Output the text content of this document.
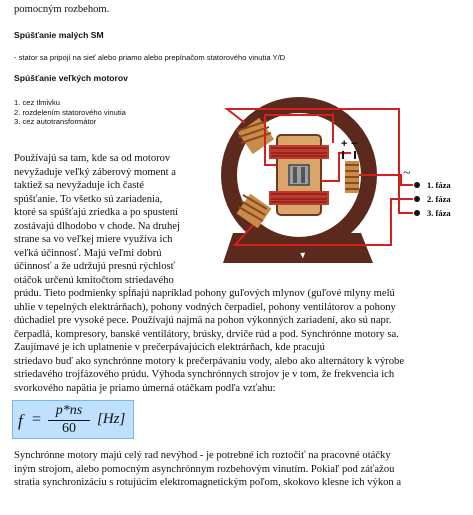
pomocným rozbehom.
Spúšťanie malých SM
- stator sa pripojí na sieť alebo priamo alebo prepínačom statorového vinutia Y/D
Spúšťanie veľkých motorov
1. cez tlmivku
2. rozdelením statorového vinutia
3. cez autotransformátor
Používajú sa tam, kde sa od motorov
nevyžaduje veľký záberový moment a
taktiež sa nevyžaduje ich časté
spúšťanie. To všetko sú zariadenia,
ktoré sa spúšťajú zriedka a po spustení
zostávajú dlhodobo v chode. Na druhej
strane sa vo veľkej miere využíva ich
veľká účinnosť. Majú veľmi dobrú
účinnosť a že udržujú presnú rýchlosť
otáčok určenú kmitočtom striedavého
prúdu. Tieto podmienky spĺňajú napríklad pohony guľových mlynov (guľové mlyny melú
uhlie v tepelných elektrárňach), pohony vodných čerpadiel, pohony ventilátorov a pohony
dúchadiel pre vysoké pece. Používajú najmä na pohon výkonných zariadení, ako sú napr.
čerpadlá, kompresory, banské ventilátory, brúsky, drviče rúd a pod. Synchrónne motory sa.
Zaujímavé je ich uplatnenie v prečerpávajúcich elektrárňach, kde pracujú
striedavo buď ako synchrónne motory k prečerpávaniu vody, alebo ako alternátory k výrobe
striedavého trojfázového prúdu. Výhoda synchrónnych strojov je v tom, že frekvencia ich
svorkového napätia je priamo úmerná otáčkam podľa vzťahu:
f =
p*ns
60
[Hz]
Synchrónne motory majú celý rad nevýhod - je potrebné ich roztočiť na pracovné otáčky
iným strojom, alebo pomocným asynchrónnym rozbehovým vinutím. Pokiaľ pod záťažou
stratia synchronizáciu s rotujúcim elektromagnetickým poľom, skokovo klesne ich výkon a
+ −
~
1. fáza
2. fáza
3. fáza
